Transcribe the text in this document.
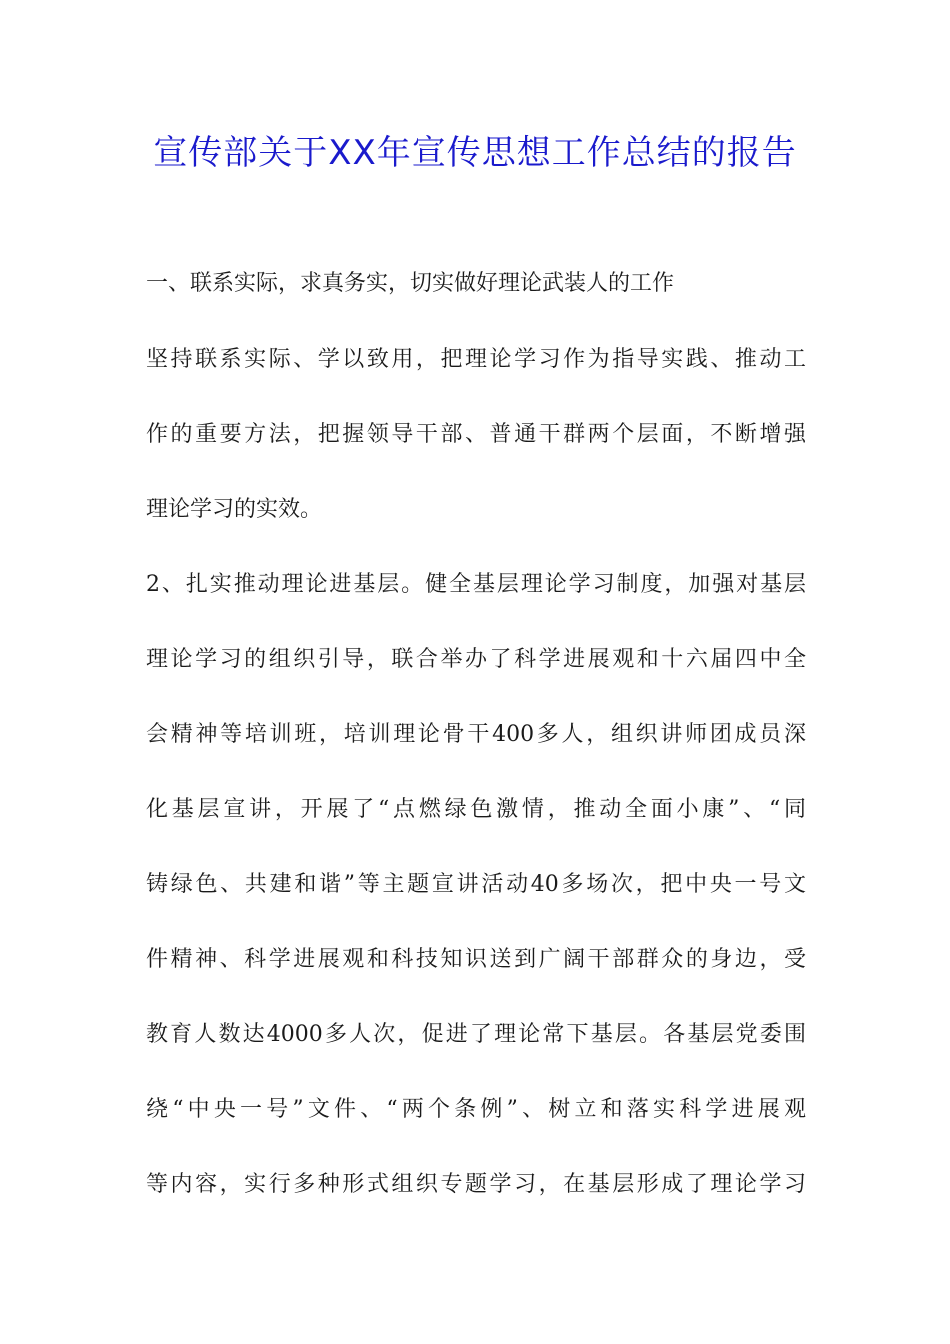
宣传部关于XX年宣传思想工作总结的报告

一、联系实际，求真务实，切实做好理论武装人的工作

坚持联系实际、学以致用，把理论学习作为指导实践、推动工

作的重要方法，把握领导干部、普通干群两个层面，不断增强

理论学习的实效。

2、扎实推动理论进基层。健全基层理论学习制度，加强对基层

理论学习的组织引导，联合举办了科学进展观和十六届四中全

会精神等培训班，培训理论骨干400多人，组织讲师团成员深

化基层宣讲，开展了“点燃绿色激情，推动全面小康”、“同

铸绿色、共建和谐”等主题宣讲活动40多场次，把中央一号文

件精神、科学进展观和科技知识送到广阔干部群众的身边，受

教育人数达4000多人次，促进了理论常下基层。各基层党委围

绕“中央一号”文件、“两个条例”、树立和落实科学进展观

等内容，实行多种形式组织专题学习，在基层形成了理论学习
